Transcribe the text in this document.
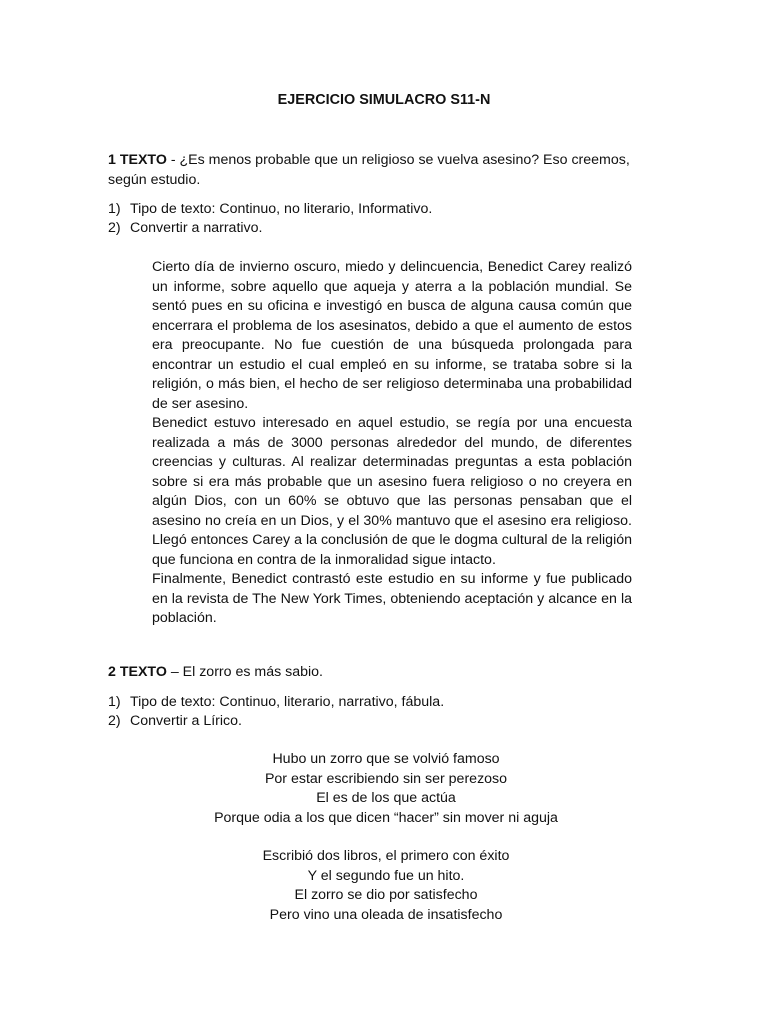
EJERCICIO SIMULACRO S11-N
1 TEXTO - ¿Es menos probable que un religioso se vuelva asesino? Eso creemos, según estudio.
1) Tipo de texto: Continuo, no literario, Informativo.
2) Convertir a narrativo.

Cierto día de invierno oscuro, miedo y delincuencia, Benedict Carey realizó un informe, sobre aquello que aqueja y aterra a la población mundial. Se sentó pues en su oficina e investigó en busca de alguna causa común que encerrara el problema de los asesinatos, debido a que el aumento de estos era preocupante. No fue cuestión de una búsqueda prolongada para encontrar un estudio el cual empleó en su informe, se trataba sobre si la religión, o más bien, el hecho de ser religioso determinaba una probabilidad de ser asesino.

Benedict estuvo interesado en aquel estudio, se regía por una encuesta realizada a más de 3000 personas alrededor del mundo, de diferentes creencias y culturas. Al realizar determinadas preguntas a esta población sobre si era más probable que un asesino fuera religioso o no creyera en algún Dios, con un 60% se obtuvo que las personas pensaban que el asesino no creía en un Dios, y el 30% mantuvo que el asesino era religioso. Llegó entonces Carey a la conclusión de que le dogma cultural de la religión que funciona en contra de la inmoralidad sigue intacto.

Finalmente, Benedict contrastó este estudio en su informe y fue publicado en la revista de The New York Times, obteniendo aceptación y alcance en la población.

2 TEXTO – El zorro es más sabio.
1) Tipo de texto: Continuo, literario, narrativo, fábula.
2) Convertir a Lírico.
Hubo un zorro que se volvió famoso
Por estar escribiendo sin ser perezoso
El es de los que actúa
Porque odia a los que dicen “hacer” sin mover ni aguja
Escribió dos libros, el primero con éxito
Y el segundo fue un hito.
El zorro se dio por satisfecho
Pero vino una oleada de insatisfecho
